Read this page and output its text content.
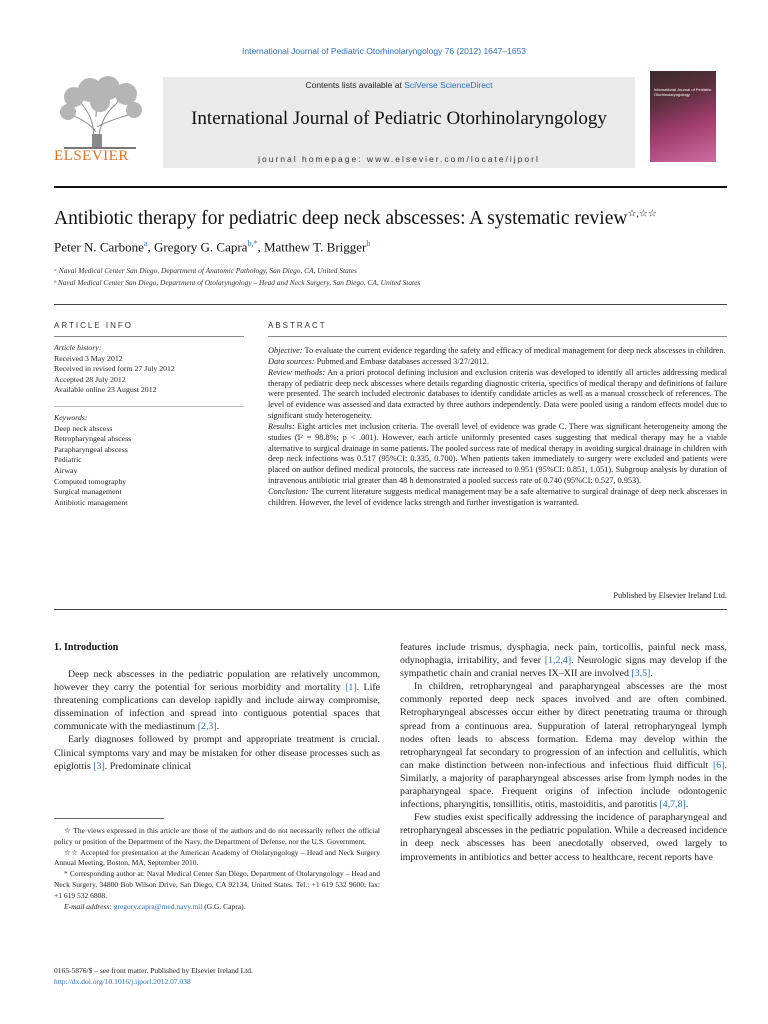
International Journal of Pediatric Otorhinolaryngology 76 (2012) 1647–1653
Contents lists available at SciVerse ScienceDirect
International Journal of Pediatric Otorhinolaryngology
journal homepage: www.elsevier.com/locate/ijporl
ELSEVIER
International Journal of Pediatric Otorhinolaryngology
Antibiotic therapy for pediatric deep neck abscesses: A systematic review☆,☆☆
Peter N. Carbone$^a$, Gregory G. Capra$^{b,*}$, Matthew T. Brigger$^b$
ᵃ Naval Medical Center San Diego, Department of Anatomic Pathology, San Diego, CA, United States
ᵇ Naval Medical Center San Diego, Department of Otolaryngology – Head and Neck Surgery, San Diego, CA, United States
ARTICLE INFO
Article history:
Received 3 May 2012
Received in revised form 27 July 2012
Accepted 28 July 2012
Available online 23 August 2012
Keywords:
Deep neck abscess
Retropharyngeal abscess
Parapharyngeal abscess
Pediatric
Airway
Computed tomography
Surgical management
Antibiotic management
ABSTRACT
Objective: To evaluate the current evidence regarding the safety and efficacy of medical management for deep neck abscesses in children.
Data sources: Pubmed and Embase databases accessed 3/27/2012.
Review methods: An a priori protocol defining inclusion and exclusion criteria was developed to identify all articles addressing medical therapy of pediatric deep neck abscesses where details regarding diagnostic criteria, specifics of medical therapy and definitions of failure were presented. The search included electronic databases to identify candidate articles as well as a manual crosscheck of references. The level of evidence was assessed and data extracted by three authors independently. Data were pooled using a random effects model due to significant study heterogeneity.
Results: Eight articles met inclusion criteria. The overall level of evidence was grade C. There was significant heterogeneity among the studies (I² = 98.8%; p < .001). However, each article uniformly presented cases suggesting that medical therapy may be a viable alternative to surgical drainage in some patients. The pooled success rate of medical therapy in avoiding surgical drainage in children with deep neck infections was 0.517 (95%CI: 0.335, 0.700). When patients taken immediately to surgery were excluded and patients were placed on author defined medical protocols, the success rate increased to 0.951 (95%CI: 0.851, 1.051). Subgroup analysis by duration of intravenous antibiotic trial greater than 48 h demonstrated a pooled success rate of 0.740 (95%CI: 0.527, 0.953).
Conclusion: The current literature suggests medical management may be a safe alternative to surgical drainage of deep neck abscesses in children. However, the level of evidence lacks strength and further investigation is warranted.
Published by Elsevier Ireland Ltd.
1. Introduction

Deep neck abscesses in the pediatric population are relatively uncommon, however they carry the potential for serious morbidity and mortality [1]. Life threatening complications can develop rapidly and include airway compromise, dissemination of infection and spread into contiguous potential spaces that communicate with the mediastinum [2,3].

Early diagnoses followed by prompt and appropriate treatment is crucial. Clinical symptoms vary and may be mistaken for other disease processes such as epiglottis [3]. Predominate clinical

features include trismus, dysphagia, neck pain, torticollis, painful neck mass, odynophagia, irritability, and fever [1,2,4]. Neurologic signs may develop if the sympathetic chain and cranial nerves IX–XII are involved [3,5].

In children, retropharyngeal and parapharyngeal abscesses are the most commonly reported deep neck spaces involved and are often combined. Retropharyngeal abscesses occur either by direct penetrating trauma or through spread from a continuous area. Suppuration of lateral retropharyngeal lymph nodes often leads to abscess formation. Edema may develop within the retropharyngeal fat secondary to progression of an infection and cellulitis, which can make distinction between non-infectious and infectious fluid difficult [6]. Similarly, a majority of parapharyngeal abscesses arise from lymph nodes in the parapharyngeal space. Frequent origins of infection include odontogenic infections, pharyngitis, tonsillitis, otitis, mastoiditis, and parotitis [4,7,8].

Few studies exist specifically addressing the incidence of parapharyngeal and retropharyngeal abscesses in the pediatric population. While a decreased incidence in deep neck abscesses has been anecdotally observed, owed largely to improvements in antibiotics and better access to healthcare, recent reports have

☆ The views expressed in this article are those of the authors and do not necessarily reflect the official policy or position of the Department of the Navy, the Department of Defense, nor the U.S. Government.

☆☆ Accepted for presentation at the American Academy of Otolaryngology – Head and Neck Surgery Annual Meeting, Boston, MA, September 2010.

* Corresponding author at: Naval Medical Center San Diego, Department of Otolaryngology – Head and Neck Surgery, 34800 Bob Wilson Drive, San Diego, CA 92134, United States. Tel.: +1 619 532 9600; fax: +1 619 532 6808.

E-mail address: gregory.capra@med.navy.mil (G.G. Capra).

0165-5876/$ – see front matter. Published by Elsevier Ireland Ltd.
http://dx.doi.org/10.1016/j.ijporl.2012.07.038
